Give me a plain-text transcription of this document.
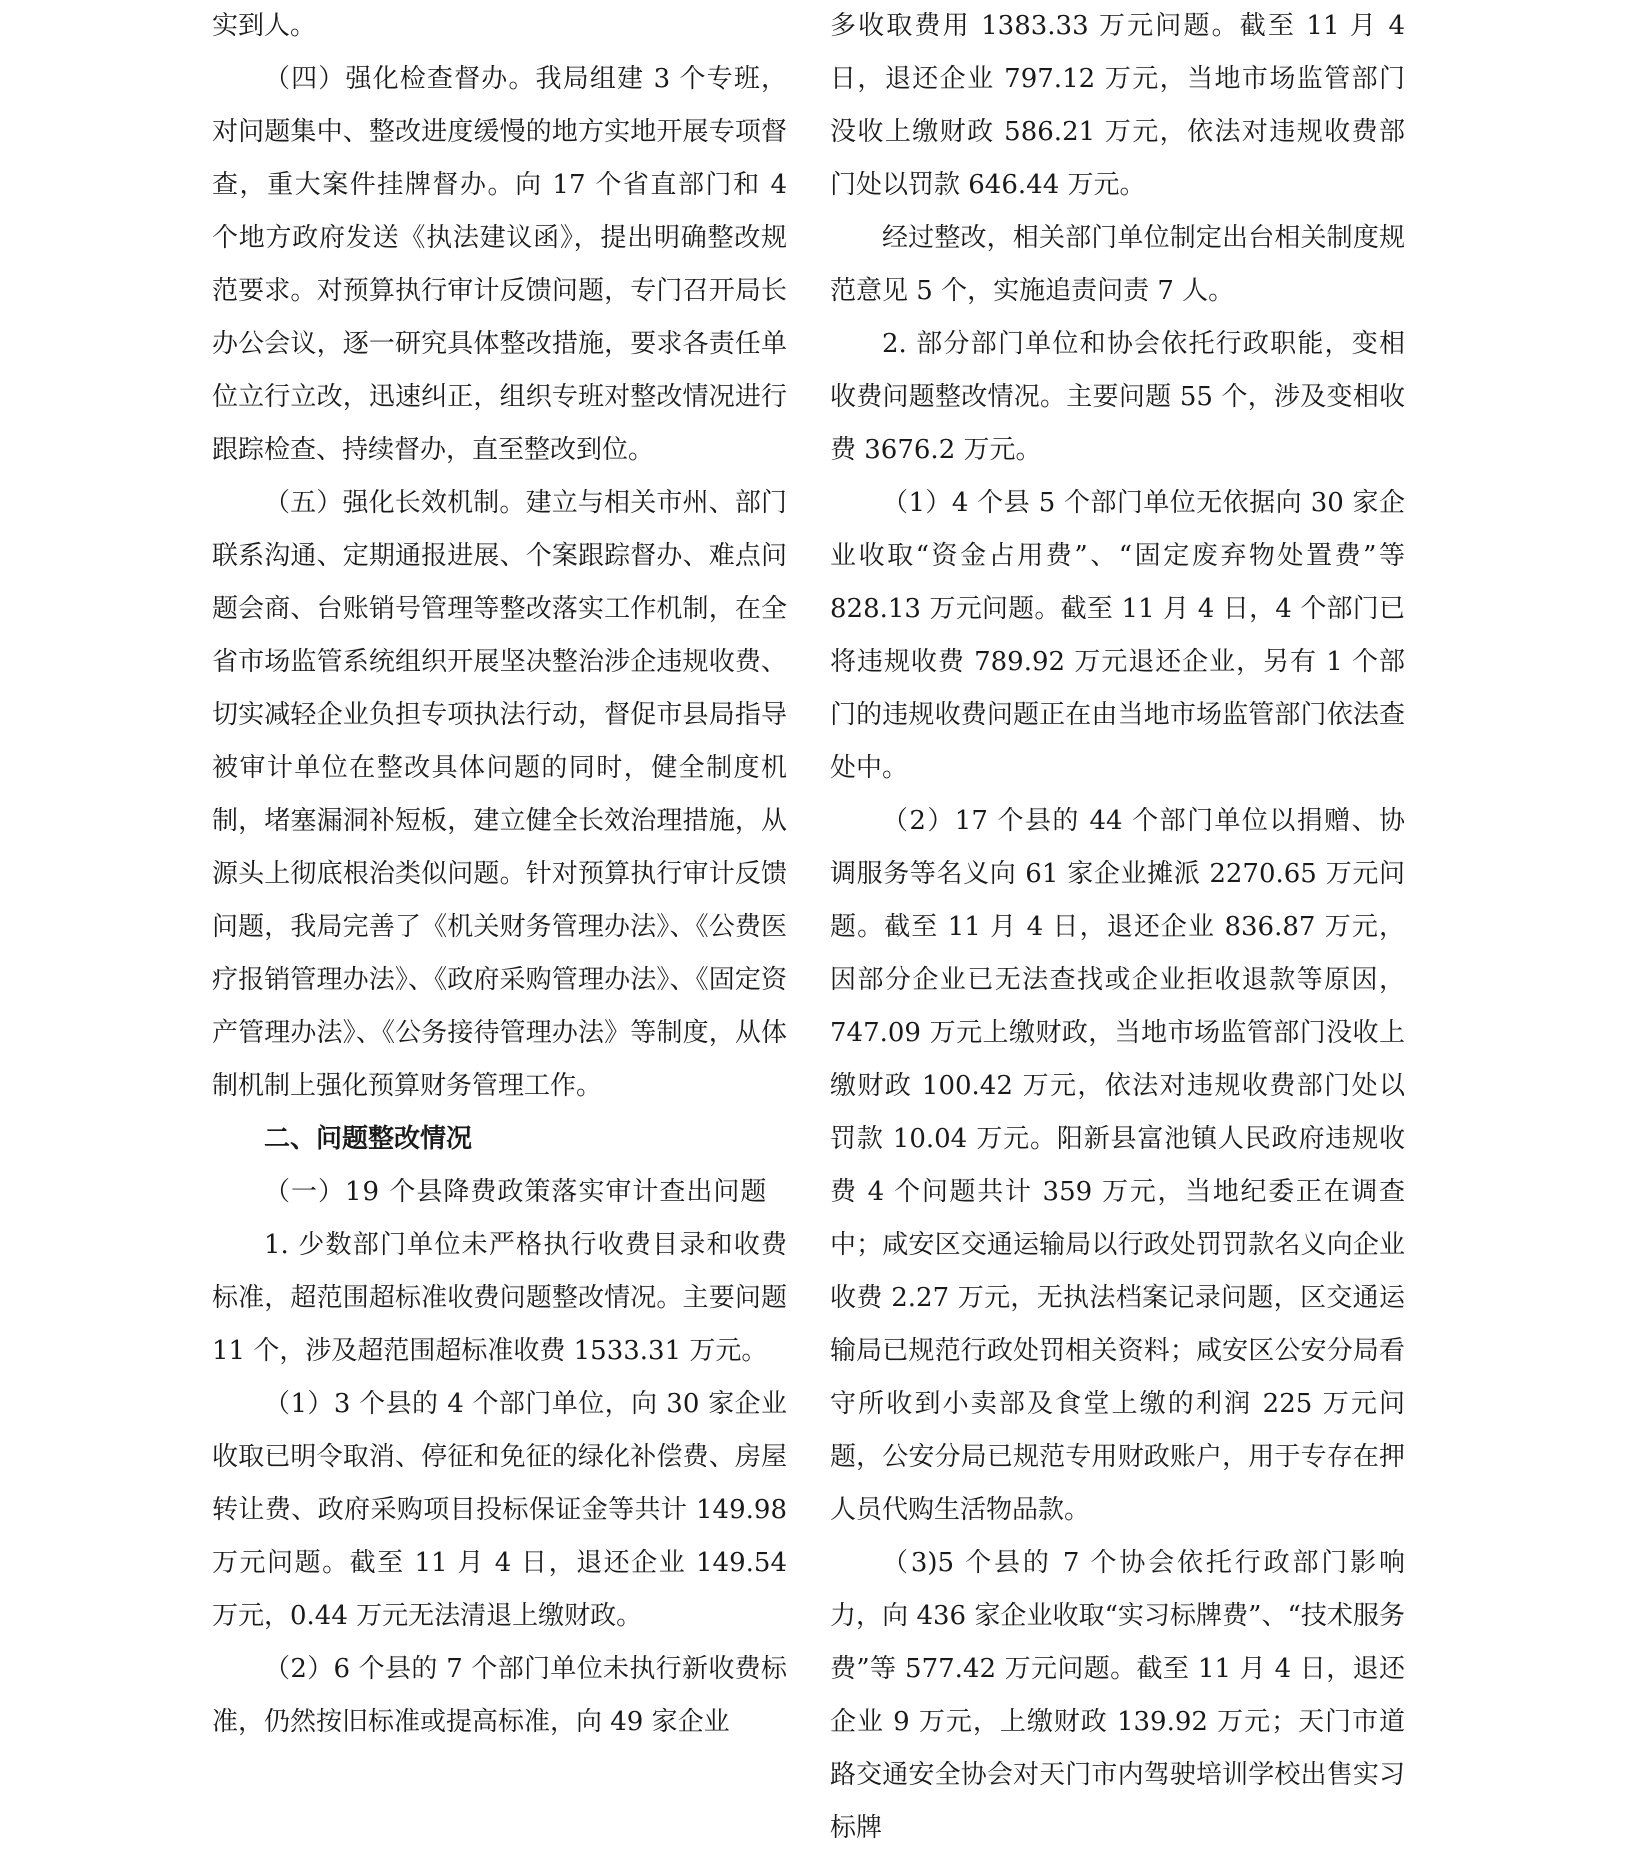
实到人。

（四）强化检查督办。我局组建 3 个专班，对问题集中、整改进度缓慢的地方实地开展专项督查，重大案件挂牌督办。向 17 个省直部门和 4 个地方政府发送《执法建议函》，提出明确整改规范要求。对预算执行审计反馈问题，专门召开局长办公会议，逐一研究具体整改措施，要求各责任单位立行立改，迅速纠正，组织专班对整改情况进行跟踪检查、持续督办，直至整改到位。

（五）强化长效机制。建立与相关市州、部门联系沟通、定期通报进展、个案跟踪督办、难点问题会商、台账销号管理等整改落实工作机制，在全省市场监管系统组织开展坚决整治涉企违规收费、切实减轻企业负担专项执法行动，督促市县局指导被审计单位在整改具体问题的同时，健全制度机制，堵塞漏洞补短板，建立健全长效治理措施，从源头上彻底根治类似问题。针对预算执行审计反馈问题，我局完善了《机关财务管理办法》、《公费医疗报销管理办法》、《政府采购管理办法》、《固定资产管理办法》、《公务接待管理办法》等制度，从体制机制上强化预算财务管理工作。

二、问题整改情况

（一）19 个县降费政策落实审计查出问题

1. 少数部门单位未严格执行收费目录和收费标准，超范围超标准收费问题整改情况。主要问题 11 个，涉及超范围超标准收费 1533.31 万元。

（1）3 个县的 4 个部门单位，向 30 家企业收取已明令取消、停征和免征的绿化补偿费、房屋转让费、政府采购项目投标保证金等共计 149.98 万元问题。截至 11 月 4 日，退还企业 149.54 万元，0.44 万元无法清退上缴财政。

（2）6 个县的 7 个部门单位未执行新收费标准，仍然按旧标准或提高标准，向 49 家企业

多收取费用 1383.33 万元问题。截至 11 月 4 日，退还企业 797.12 万元，当地市场监管部门没收上缴财政 586.21 万元，依法对违规收费部门处以罚款 646.44 万元。

经过整改，相关部门单位制定出台相关制度规范意见 5 个，实施追责问责 7 人。

2. 部分部门单位和协会依托行政职能，变相收费问题整改情况。主要问题 55 个，涉及变相收费 3676.2 万元。

（1）4 个县 5 个部门单位无依据向 30 家企业收取“资金占用费”、“固定废弃物处置费”等 828.13 万元问题。截至 11 月 4 日，4 个部门已将违规收费 789.92 万元退还企业，另有 1 个部门的违规收费问题正在由当地市场监管部门依法查处中。

（2）17 个县的 44 个部门单位以捐赠、协调服务等名义向 61 家企业摊派 2270.65 万元问题。截至 11 月 4 日，退还企业 836.87 万元，因部分企业已无法查找或企业拒收退款等原因，747.09 万元上缴财政，当地市场监管部门没收上缴财政 100.42 万元，依法对违规收费部门处以罚款 10.04 万元。阳新县富池镇人民政府违规收费 4 个问题共计 359 万元，当地纪委正在调查中；咸安区交通运输局以行政处罚罚款名义向企业收费 2.27 万元，无执法档案记录问题，区交通运输局已规范行政处罚相关资料；咸安区公安分局看守所收到小卖部及食堂上缴的利润 225 万元问题，公安分局已规范专用财政账户，用于专存在押人员代购生活物品款。

（3)5 个县的 7 个协会依托行政部门影响力，向 436 家企业收取“实习标牌费”、“技术服务费”等 577.42 万元问题。截至 11 月 4 日，退还企业 9 万元，上缴财政 139.92 万元；天门市道路交通安全协会对天门市内驾驶培训学校出售实习标牌
